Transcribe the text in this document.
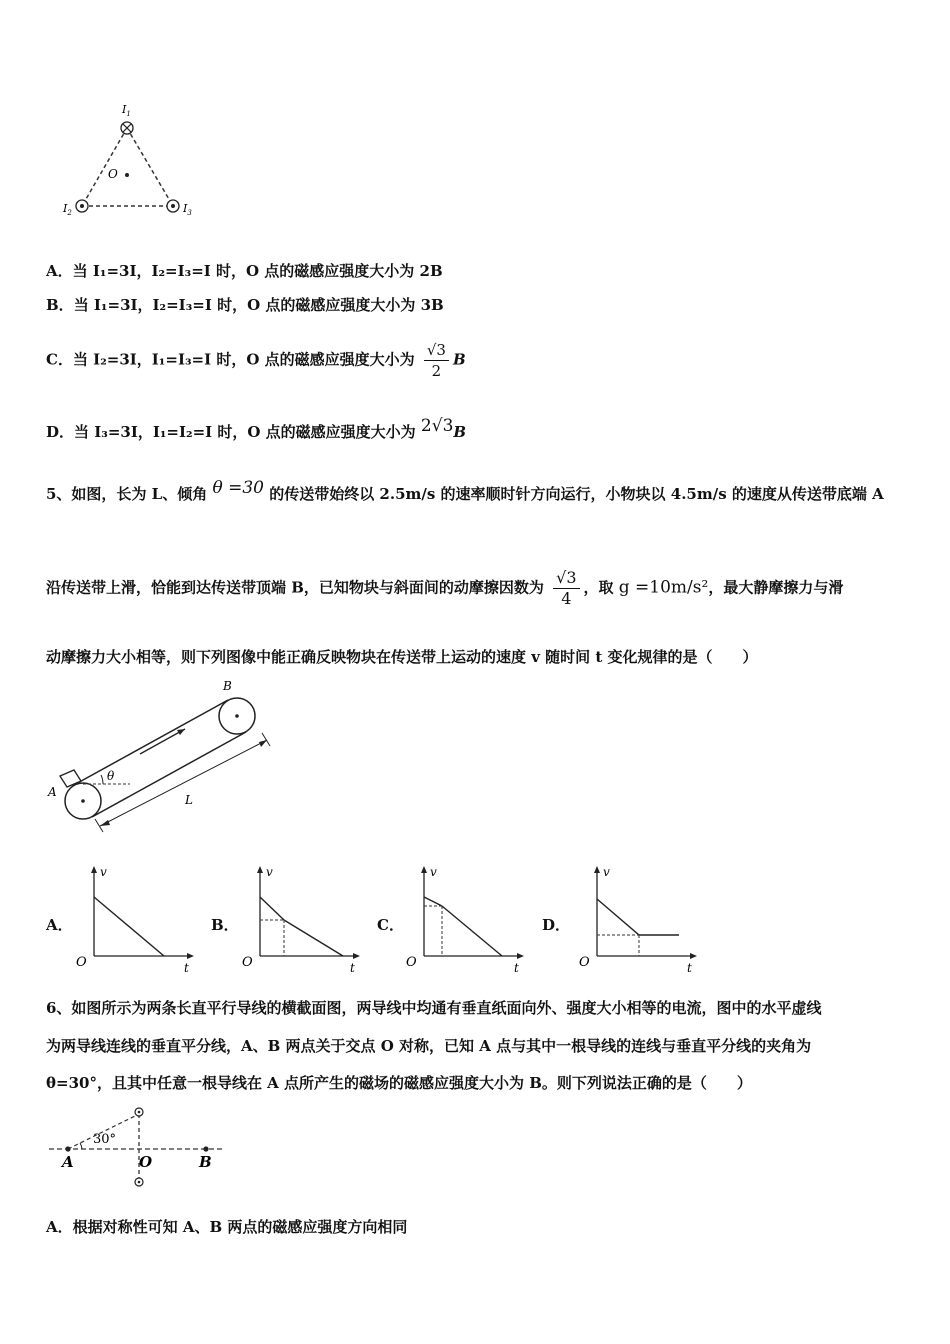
$I_1$
O
$I_2$	$I_3$
A．当 I₁=3I，I₂=I₃=I 时，O 点的磁感应强度大小为 2B
B．当 I₁=3I，I₂=I₃=I 时，O 点的磁感应强度大小为 3B
C．当 I₂=3I，I₁=I₃=I 时，O 点的磁感应强度大小为 $\frac{√3}{2}$ B
D．当 I₃=3I，I₁=I₂=I 时，O 点的磁感应强度大小为 2√3B
5、如图，长为 L、倾角 θ =30 的传送带始终以 2.5m/s 的速率顺时针方向运行，小物块以 4.5m/s 的速度从传送带底端 A
沿传送带上滑，恰能到达传送带顶端 B，已知物块与斜面间的动摩擦因数为 $\frac{√3}{4}$ ，取 g =10m/s²，最大静摩擦力与滑
动摩擦力大小相等，则下列图像中能正确反映物块在传送带上运动的速度 v 随时间 t 变化规律的是（　　）
θ
A
B
L
A．
v
O	t
B．
v
O	t
C．
v
O	t
D．
v
O	t
6、如图所示为两条长直平行导线的横截面图，两导线中均通有垂直纸面向外、强度大小相等的电流，图中的水平虚线
为两导线连线的垂直平分线，A、B 两点关于交点 O 对称，已知 A 点与其中一根导线的连线与垂直平分线的夹角为
θ=30°，且其中任意一根导线在 A 点所产生的磁场的磁感应强度大小为 B。则下列说法正确的是（　　）
30°
A	O	B
A．根据对称性可知 A、B 两点的磁感应强度方向相同
